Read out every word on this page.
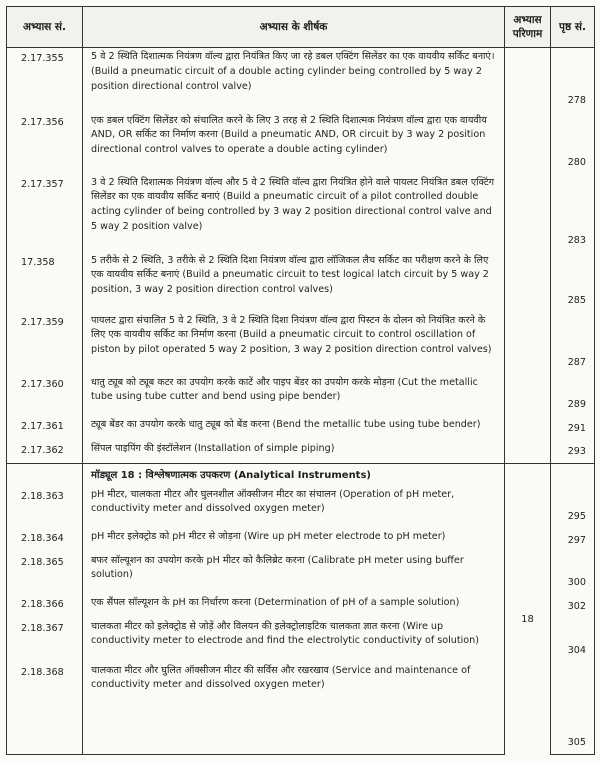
अभ्यास सं.	अभ्यास के शीर्षक	अभ्यास परिणाम	पृष्ठ सं.
2.17.355	5 वे 2 स्थिति दिशात्मक नियंत्रण वॉल्व द्वारा नियंत्रित किए जा रहे डबल एक्टिंग सिलेंडर का एक वायवीय सर्किट बनाएं। (Build a pneumatic circuit of a double acting cylinder being controlled by 5 way 2 position directional control valve)		278
2.17.356	एक डबल एक्टिंग सिलेंडर को संचालित करने के लिए 3 तरह से 2 स्थिति दिशात्मक नियंत्रण वॉल्व द्वारा एक वायवीय AND, OR सर्किट का निर्माण करना (Build a pneumatic AND, OR circuit by 3 way 2 position directional control valves to operate a double acting cylinder)		280
2.17.357	3 वे 2 स्थिति दिशात्मक नियंत्रण वॉल्व और 5 वे 2 स्थिति वॉल्व द्वारा नियंत्रित होने वाले पायलट नियंत्रित डबल एक्टिंग सिलेंडर का एक वायवीय सर्किट बनाएं (Build a pneumatic circuit of a pilot controlled double acting cylinder of being controlled by 3 way 2 position directional control valve and 5 way 2 position valve)		283
17.358	5 तरीके से 2 स्थिति, 3 तरीके से 2 स्थिति दिशा नियंत्रण वॉल्व द्वारा लॉजिकल लैच सर्किट का परीक्षण करने के लिए एक वायवीय सर्किट बनाएं (Build a pneumatic circuit to test logical latch circuit by 5 way 2 position, 3 way 2 position direction control valves)		285
2.17.359	पायलट द्वारा संचालित 5 वे 2 स्थिति, 3 वे 2 स्थिति दिशा नियंत्रण वॉल्व द्वारा पिस्टन के दोलन को नियंत्रित करने के लिए एक वायवीय सर्किट का निर्माण करना (Build a pneumatic circuit to control oscillation of piston by pilot operated 5 way 2 position, 3 way 2 position direction control valves)		287
2.17.360	धातु ट्यूब को ट्यूब कटर का उपयोग करके काटें और पाइप बेंडर का उपयोग करके मोड़ना (Cut the metallic tube using tube cutter and bend using pipe bender)		289
2.17.361	ट्यूब बेंडर का उपयोग करके धातु ट्यूब को बेंड करना (Bend the metallic tube using tube bender)		291
2.17.362	सिंपल पाइपिंग की इंस्टॉलेशन (Installation of simple piping)		293
	मॉड्यूल 18 : विश्लेषणात्मक उपकरण (Analytical Instruments)		
2.18.363	pH मीटर, चालकता मीटर और घुलनशील ऑक्सीजन मीटर का संचालन (Operation of pH meter, conductivity meter and dissolved oxygen meter)	18	295
2.18.364	pH मीटर इलेक्ट्रोड को pH मीटर से जोड़ना (Wire up pH meter electrode to pH meter)		297
2.18.365	बफर सॉल्यूशन का उपयोग करके pH मीटर को कैलिब्रेट करना (Calibrate pH meter using buffer solution)		300
2.18.366	एक सैंपल सॉल्यूशन के pH का निर्धारण करना (Determination of pH of a sample solution)		302
2.18.367	चालकता मीटर को इलेक्ट्रोड से जोड़ें और विलयन की इलेक्ट्रोलाइटिक चालकता ज्ञात करना (Wire up conductivity meter to electrode and find the electrolytic conductivity of solution)		304
2.18.368	चालकता मीटर और घुलित ऑक्सीजन मीटर की सर्विस और रखरखाव (Service and maintenance of conductivity meter and dissolved oxygen meter)		305
